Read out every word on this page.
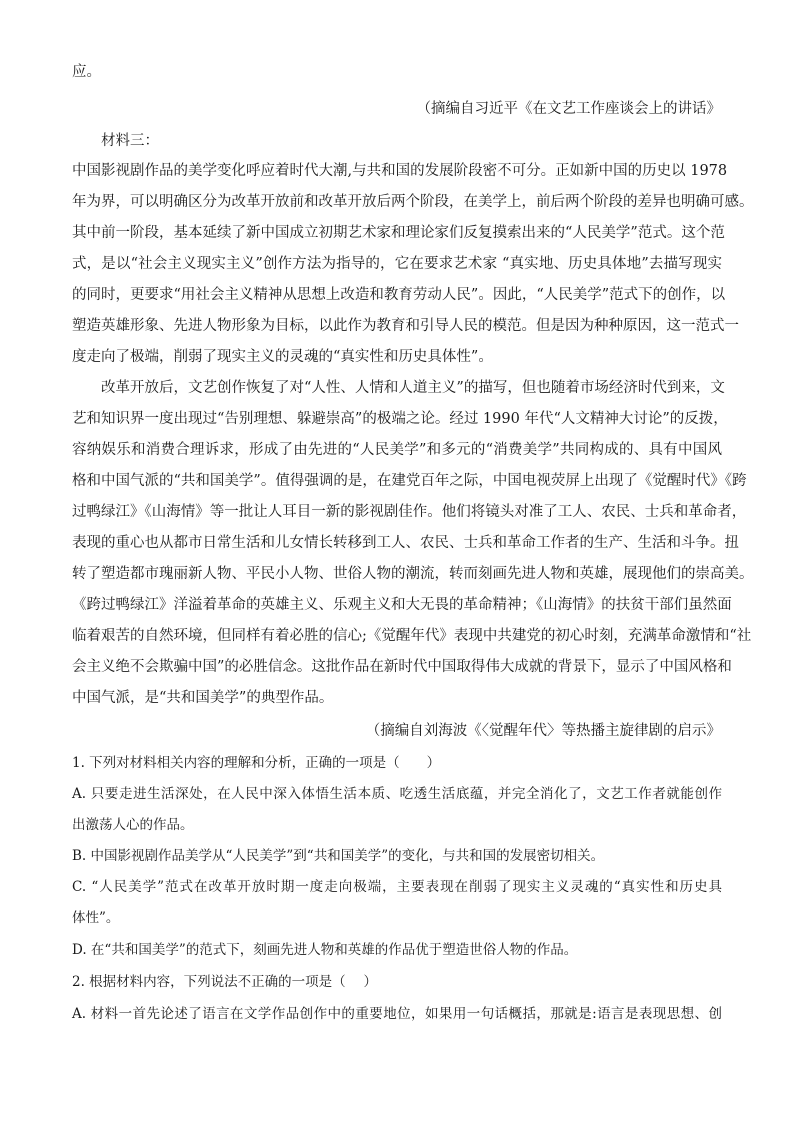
应。
（摘编自习近平《在文艺工作座谈会上的讲话》
材料三：
中国影视剧作品的美学变化呼应着时代大潮,与共和国的发展阶段密不可分。正如新中国的历史以 1978
年为界，可以明确区分为改革开放前和改革开放后两个阶段，在美学上，前后两个阶段的差异也明确可感。
其中前一阶段，基本延续了新中国成立初期艺术家和理论家们反复摸索出来的“人民美学”范式。这个范
式，是以“社会主义现实主义”创作方法为指导的，它在要求艺术家 “真实地、历史具体地”去描写现实
的同时，更要求“用社会主义精神从思想上改造和教育劳动人民”。因此，“人民美学”范式下的创作，以
塑造英雄形象、先进人物形象为目标，以此作为教育和引导人民的模范。但是因为种种原因，这一范式一
度走向了极端，削弱了现实主义的灵魂的“真实性和历史具体性”。
改革开放后，文艺创作恢复了对“人性、人情和人道主义”的描写，但也随着市场经济时代到来，文
艺和知识界一度出现过“告别理想、躲避崇高”的极端之论。经过 1990 年代“人文精神大讨论”的反拨，
容纳娱乐和消费合理诉求，形成了由先进的“人民美学”和多元的“消费美学”共同构成的、具有中国风
格和中国气派的“共和国美学”。值得强调的是，在建党百年之际，中国电视荧屏上出现了《觉醒时代》《跨
过鸭绿江》《山海情》等一批让人耳目一新的影视剧佳作。他们将镜头对准了工人、农民、士兵和革命者，
表现的重心也从都市日常生活和儿女情长转移到工人、农民、士兵和革命工作者的生产、生活和斗争。扭
转了塑造都市瑰丽新人物、平民小人物、世俗人物的潮流，转而刻画先进人物和英雄，展现他们的崇高美。
《跨过鸭绿江》洋溢着革命的英雄主义、乐观主义和大无畏的革命精神；《山海情》的扶贫干部们虽然面
临着艰苦的自然环境，但同样有着必胜的信心;《觉醒年代》表现中共建党的初心时刻，充满革命激情和“社
会主义绝不会欺骗中国”的必胜信念。这批作品在新时代中国取得伟大成就的背景下，显示了中国风格和
中国气派，是“共和国美学”的典型作品。
（摘编自刘海波《〈觉醒年代〉等热播主旋律剧的启示》
1. 下列对材料相关内容的理解和分析，正确的一项是（　　）
A. 只要走进生活深处，在人民中深入体悟生活本质、吃透生活底蕴，并完全消化了，文艺工作者就能创作
出激荡人心的作品。
B. 中国影视剧作品美学从“人民美学”到“共和国美学”的变化，与共和国的发展密切相关。
C. “人民美学”范式在改革开放时期一度走向极端，主要表现在削弱了现实主义灵魂的“真实性和历史具
体性”。
D. 在“共和国美学”的范式下，刻画先进人物和英雄的作品优于塑造世俗人物的作品。
2. 根据材料内容，下列说法不正确的一项是（　 ）
A. 材料一首先论述了语言在文学作品创作中的重要地位，如果用一句话概括，那就是:语言是表现思想、创
